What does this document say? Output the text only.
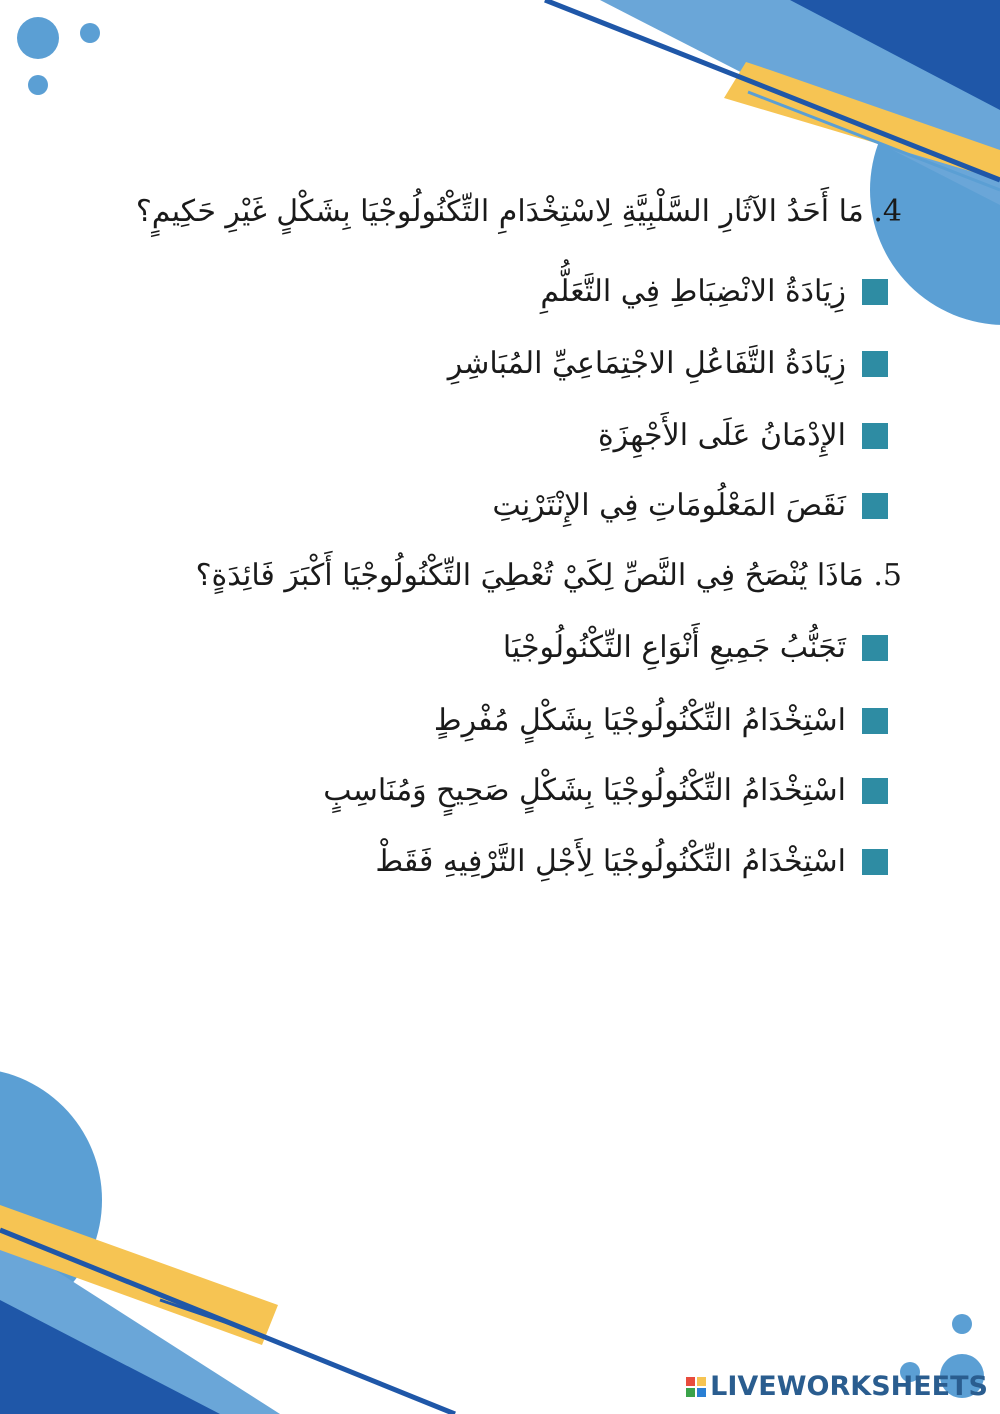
4. مَا أَحَدُ الآثَارِ السَّلْبِيَّةِ لِاسْتِخْدَامِ التِّكْنُولُوجْيَا بِشَكْلٍ غَيْرِ حَكِيمٍ؟
زِيَادَةُ الانْضِبَاطِ فِي التَّعَلُّمِ
زِيَادَةُ التَّفَاعُلِ الاجْتِمَاعِيِّ المُبَاشِرِ
الإِدْمَانُ عَلَى الأَجْهِزَةِ
نَقَصَ المَعْلُومَاتِ فِي الإِنْتَرْنِتِ
5. مَاذَا يُنْصَحُ فِي النَّصِّ لِكَيْ تُعْطِيَ التِّكْنُولُوجْيَا أَكْبَرَ فَائِدَةٍ؟
تَجَنُّبُ جَمِيعِ أَنْوَاعِ التِّكْنُولُوجْيَا
اسْتِخْدَامُ التِّكْنُولُوجْيَا بِشَكْلٍ مُفْرِطٍ
اسْتِخْدَامُ التِّكْنُولُوجْيَا بِشَكْلٍ صَحِيحٍ وَمُنَاسِبٍ
اسْتِخْدَامُ التِّكْنُولُوجْيَا لِأَجْلِ التَّرْفِيهِ فَقَطْ
LIVEWORKSHEETS
